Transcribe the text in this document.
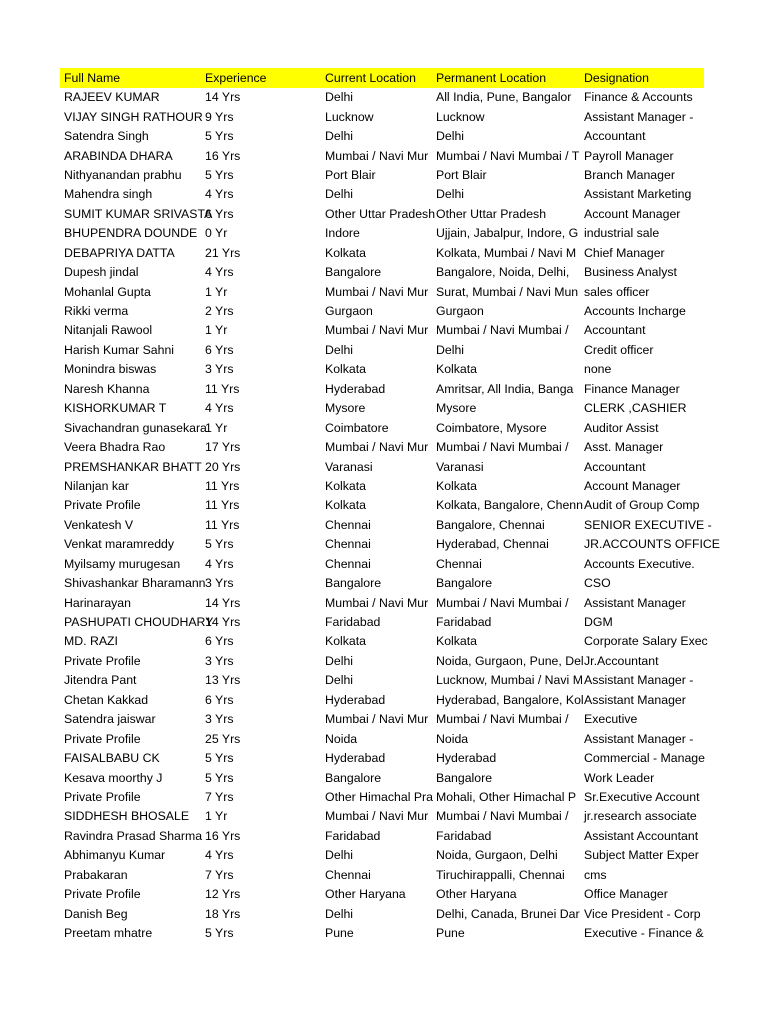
Full Name	Experience	Current Location	Permanent Location	Designation
RAJEEV KUMAR	14 Yrs	Delhi	All India, Pune, Bangalor	Finance & Accounts
VIJAY SINGH RATHOUR	9 Yrs	Lucknow	Lucknow	Assistant Manager -
Satendra Singh	5 Yrs	Delhi	Delhi	Accountant
ARABINDA DHARA	16 Yrs	Mumbai / Navi Mur	Mumbai / Navi Mumbai / T	Payroll Manager
Nithyanandan prabhu	5 Yrs	Port Blair	Port Blair	Branch Manager
Mahendra singh	4 Yrs	Delhi	Delhi	Assistant Marketing
SUMIT KUMAR SRIVASTA	6 Yrs	Other Uttar Pradesh	Other Uttar Pradesh	Account Manager
BHUPENDRA DOUNDE	0 Yr	Indore	Ujjain, Jabalpur, Indore, G	industrial sale
DEBAPRIYA DATTA	21 Yrs	Kolkata	Kolkata, Mumbai / Navi M	Chief Manager
Dupesh jindal	4 Yrs	Bangalore	Bangalore, Noida, Delhi,	Business Analyst
Mohanlal Gupta	1 Yr	Mumbai / Navi Mur	Surat, Mumbai / Navi Mun	sales officer
Rikki verma	2 Yrs	Gurgaon	Gurgaon	Accounts Incharge
Nitanjali Rawool	1 Yr	Mumbai / Navi Mur	Mumbai / Navi Mumbai /	Accountant
Harish Kumar Sahni	6 Yrs	Delhi	Delhi	Credit officer
Monindra biswas	3 Yrs	Kolkata	Kolkata	none
Naresh Khanna	11 Yrs	Hyderabad	Amritsar, All India, Banga	Finance Manager
KISHORKUMAR T	4 Yrs	Mysore	Mysore	CLERK ,CASHIER
Sivachandran gunasekara	1 Yr	Coimbatore	Coimbatore, Mysore	Auditor Assist
Veera Bhadra Rao	17 Yrs	Mumbai / Navi Mur	Mumbai / Navi Mumbai /	Asst. Manager
PREMSHANKAR BHATT	20 Yrs	Varanasi	Varanasi	Accountant
Nilanjan kar	11 Yrs	Kolkata	Kolkata	Account Manager
Private Profile	11 Yrs	Kolkata	Kolkata, Bangalore, Chenn	Audit of Group Comp
Venkatesh V	11 Yrs	Chennai	Bangalore, Chennai	SENIOR EXECUTIVE -
Venkat maramreddy	5 Yrs	Chennai	Hyderabad, Chennai	JR.ACCOUNTS OFFICE
Myilsamy murugesan	4 Yrs	Chennai	Chennai	Accounts Executive.
Shivashankar Bharamann	3 Yrs	Bangalore	Bangalore	CSO
Harinarayan	14 Yrs	Mumbai / Navi Mur	Mumbai / Navi Mumbai /	Assistant Manager
PASHUPATI CHOUDHARY	14 Yrs	Faridabad	Faridabad	DGM
MD. RAZI	6 Yrs	Kolkata	Kolkata	Corporate Salary Exec
Private Profile	3 Yrs	Delhi	Noida, Gurgaon, Pune, Del	Jr.Accountant
Jitendra Pant	13 Yrs	Delhi	Lucknow, Mumbai / Navi M	Assistant Manager -
Chetan Kakkad	6 Yrs	Hyderabad	Hyderabad, Bangalore, Kol	Assistant Manager
Satendra jaiswar	3 Yrs	Mumbai / Navi Mur	Mumbai / Navi Mumbai /	Executive
Private Profile	25 Yrs	Noida	Noida	Assistant Manager -
FAISALBABU CK	5 Yrs	Hyderabad	Hyderabad	Commercial - Manage
Kesava moorthy J	5 Yrs	Bangalore	Bangalore	Work Leader
Private Profile	7 Yrs	Other Himachal Pra	Mohali, Other Himachal P	Sr.Executive Account
SIDDHESH BHOSALE	1 Yr	Mumbai / Navi Mur	Mumbai / Navi Mumbai /	jr.research associate
Ravindra Prasad Sharma	16 Yrs	Faridabad	Faridabad	Assistant Accountant
Abhimanyu Kumar	4 Yrs	Delhi	Noida, Gurgaon, Delhi	Subject Matter Exper
Prabakaran	7 Yrs	Chennai	Tiruchirappalli, Chennai	cms
Private Profile	12 Yrs	Other Haryana	Other Haryana	Office Manager
Danish Beg	18 Yrs	Delhi	Delhi, Canada, Brunei Dar	Vice President - Corp
Preetam mhatre	5 Yrs	Pune	Pune	Executive - Finance &
